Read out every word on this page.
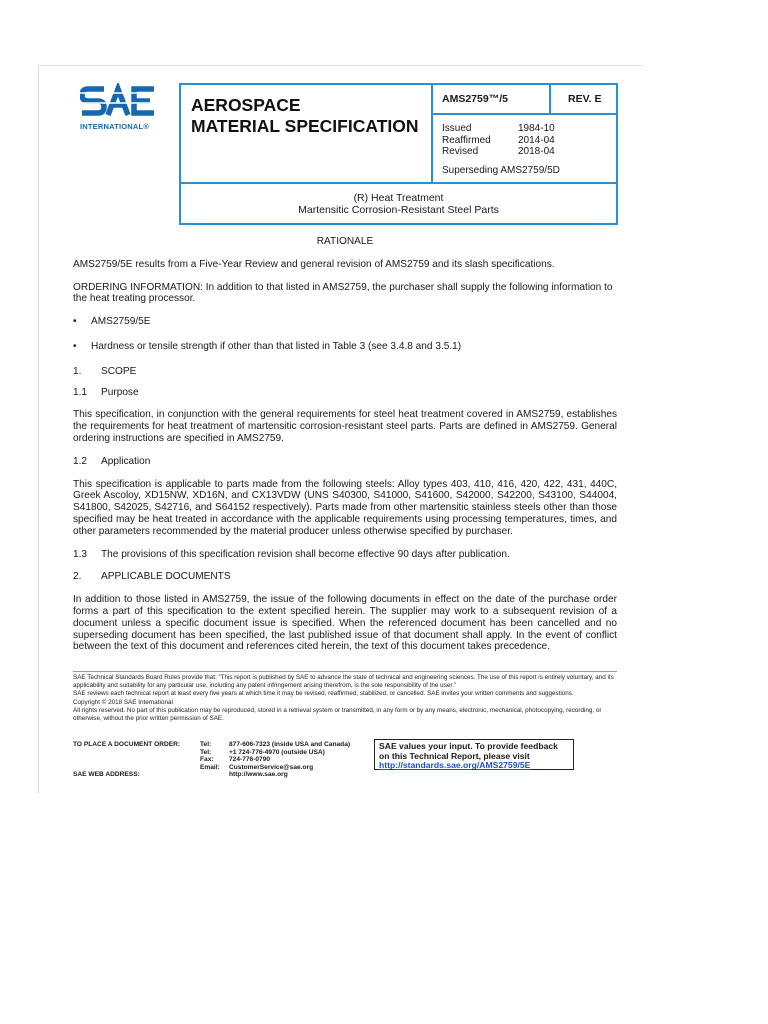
INTERNATIONAL®
AEROSPACE
MATERIAL SPECIFICATION
AMS2759™/5	REV. E
Issued	1984-10
Reaffirmed	2014-04
Revised	2018-04
Superseding AMS2759/5D
(R) Heat Treatment
Martensitic Corrosion-Resistant Steel Parts

RATIONALE

AMS2759/5E results from a Five-Year Review and general revision of AMS2759 and its slash specifications.

ORDERING INFORMATION: In addition to that listed in AMS2759, the purchaser shall supply the following information to the heat treating processor.

•	AMS2759/5E
•	Hardness or tensile strength if other than that listed in Table 3 (see 3.4.8 and 3.5.1)
1.	SCOPE
1.1	Purpose

This specification, in conjunction with the general requirements for steel heat treatment covered in AMS2759, establishes the requirements for heat treatment of martensitic corrosion-resistant steel parts. Parts are defined in AMS2759. General ordering instructions are specified in AMS2759.

1.2	Application

This specification is applicable to parts made from the following steels: Alloy types 403, 410, 416, 420, 422, 431, 440C, Greek Ascoloy, XD15NW, XD16N, and CX13VDW (UNS S40300, S41000, S41600, S42000, S42200, S43100, S44004, S41800, S42025, S42716, and S64152 respectively). Parts made from other martensitic stainless steels other than those specified may be heat treated in accordance with the applicable requirements using processing temperatures, times, and other parameters recommended by the material producer unless otherwise specified by purchaser.

1.3	The provisions of this specification revision shall become effective 90 days after publication.
2.	APPLICABLE DOCUMENTS

In addition to those listed in AMS2759, the issue of the following documents in effect on the date of the purchase order forms a part of this specification to the extent specified herein. The supplier may work to a subsequent revision of a document unless a specific document issue is specified. When the referenced document has been cancelled and no superseding document has been specified, the last published issue of that document shall apply. In the event of conflict between the text of this document and references cited herein, the text of this document takes precedence.

SAE Technical Standards Board Rules provide that: “This report is published by SAE to advance the state of technical and engineering sciences. The use of this report is entirely voluntary, and its applicability and suitability for any particular use, including any patent infringement arising therefrom, is the sole responsibility of the user.”

SAE reviews each technical report at least every five years at which time it may be revised, reaffirmed, stabilized, or cancelled. SAE invites your written comments and suggestions.

Copyright © 2018 SAE International

All rights reserved. No part of this publication may be reproduced, stored in a retrieval system or transmitted, in any form or by any means, electronic, mechanical, photocopying, recording, or otherwise, without the prior written permission of SAE.

TO PLACE A DOCUMENT ORDER:	Tel:	877-606-7323 (inside USA and Canada)
Tel:	+1 724-776-4970 (outside USA)
Fax:	724-776-0790
Email:	CustomerService@sae.org
SAE WEB ADDRESS:	http://www.sae.org
SAE values your input. To provide feedback
on this Technical Report, please visit
http://standards.sae.org/AMS2759/5E
